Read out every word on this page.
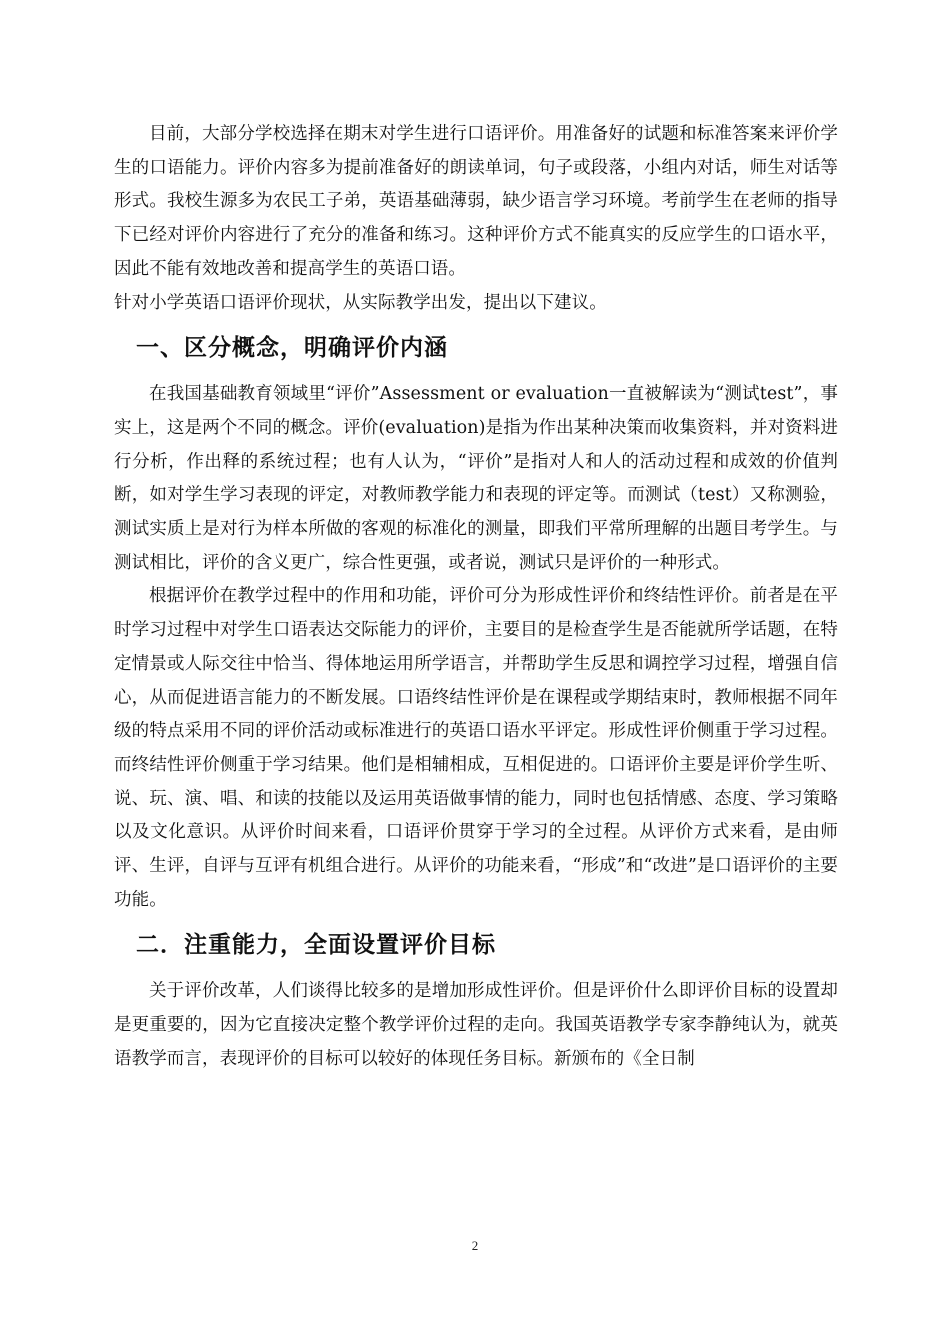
目前，大部分学校选择在期末对学生进行口语评价。用准备好的试题和标准答案来评价学生的口语能力。评价内容多为提前准备好的朗读单词，句子或段落，小组内对话，师生对话等形式。我校生源多为农民工子弟，英语基础薄弱，缺少语言学习环境。考前学生在老师的指导下已经对评价内容进行了充分的准备和练习。这种评价方式不能真实的反应学生的口语水平，因此不能有效地改善和提高学生的英语口语。

针对小学英语口语评价现状，从实际教学出发，提出以下建议。

一、区分概念，明确评价内涵

在我国基础教育领域里“评价”Assessment or evaluation一直被解读为“测试test”，事实上，这是两个不同的概念。评价(evaluation)是指为作出某种决策而收集资料，并对资料进行分析，作出释的系统过程；也有人认为，“评价”是指对人和人的活动过程和成效的价值判断，如对学生学习表现的评定，对教师教学能力和表现的评定等。而测试（test）又称测验，测试实质上是对行为样本所做的客观的标准化的测量，即我们平常所理解的出题目考学生。与测试相比，评价的含义更广，综合性更强，或者说，测试只是评价的一种形式。

根据评价在教学过程中的作用和功能，评价可分为形成性评价和终结性评价。前者是在平时学习过程中对学生口语表达交际能力的评价，主要目的是检查学生是否能就所学话题，在特定情景或人际交往中恰当、得体地运用所学语言，并帮助学生反思和调控学习过程，增强自信心，从而促进语言能力的不断发展。口语终结性评价是在课程或学期结束时，教师根据不同年级的特点采用不同的评价活动或标准进行的英语口语水平评定。形成性评价侧重于学习过程。而终结性评价侧重于学习结果。他们是相辅相成，互相促进的。口语评价主要是评价学生听、说、玩、演、唱、和读的技能以及运用英语做事情的能力，同时也包括情感、态度、学习策略以及文化意识。从评价时间来看，口语评价贯穿于学习的全过程。从评价方式来看，是由师评、生评，自评与互评有机组合进行。从评价的功能来看，“形成”和“改进”是口语评价的主要功能。

二．注重能力，全面设置评价目标

关于评价改革，人们谈得比较多的是增加形成性评价。但是评价什么即评价目标的设置却是更重要的，因为它直接决定整个教学评价过程的走向。我国英语教学专家李静纯认为，就英语教学而言，表现评价的目标可以较好的体现任务目标。新颁布的《全日制

2
